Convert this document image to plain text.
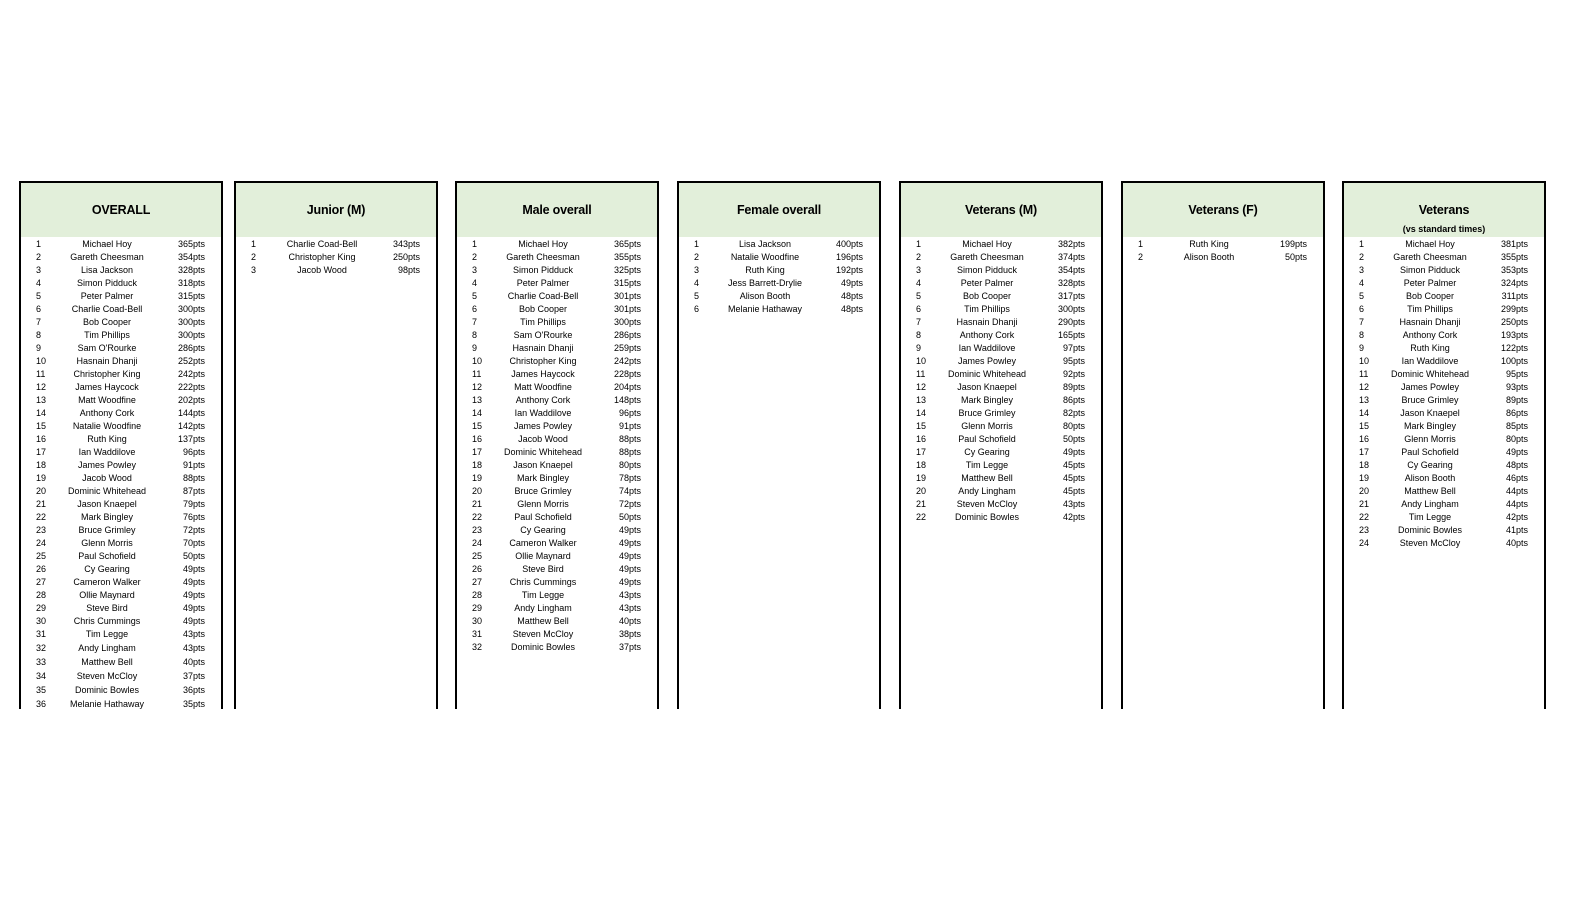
OVERALL
1	Michael Hoy	365pts
2	Gareth Cheesman	354pts
3	Lisa Jackson	328pts
4	Simon Pidduck	318pts
5	Peter Palmer	315pts
6	Charlie Coad-Bell	300pts
7	Bob Cooper	300pts
8	Tim Phillips	300pts
9	Sam O'Rourke	286pts
10	Hasnain Dhanji	252pts
11	Christopher King	242pts
12	James Haycock	222pts
13	Matt Woodfine	202pts
14	Anthony Cork	144pts
15	Natalie Woodfine	142pts
16	Ruth King	137pts
17	Ian Waddilove	96pts
18	James Powley	91pts
19	Jacob Wood	88pts
20	Dominic Whitehead	87pts
21	Jason Knaepel	79pts
22	Mark Bingley	76pts
23	Bruce Grimley	72pts
24	Glenn Morris	70pts
25	Paul Schofield	50pts
26	Cy Gearing	49pts
27	Cameron Walker	49pts
28	Ollie Maynard	49pts
29	Steve Bird	49pts
30	Chris Cummings	49pts
31	Tim Legge	43pts
32	Andy Lingham	43pts
33	Matthew Bell	40pts
34	Steven McCloy	37pts
35	Dominic Bowles	36pts
36	Melanie Hathaway	35pts
Junior (M)
1	Charlie Coad-Bell	343pts
2	Christopher King	250pts
3	Jacob Wood	98pts
Male overall
1	Michael Hoy	365pts
2	Gareth Cheesman	355pts
3	Simon Pidduck	325pts
4	Peter Palmer	315pts
5	Charlie Coad-Bell	301pts
6	Bob Cooper	301pts
7	Tim Phillips	300pts
8	Sam O'Rourke	286pts
9	Hasnain Dhanji	259pts
10	Christopher King	242pts
11	James Haycock	228pts
12	Matt Woodfine	204pts
13	Anthony Cork	148pts
14	Ian Waddilove	96pts
15	James Powley	91pts
16	Jacob Wood	88pts
17	Dominic Whitehead	88pts
18	Jason Knaepel	80pts
19	Mark Bingley	78pts
20	Bruce Grimley	74pts
21	Glenn Morris	72pts
22	Paul Schofield	50pts
23	Cy Gearing	49pts
24	Cameron Walker	49pts
25	Ollie Maynard	49pts
26	Steve Bird	49pts
27	Chris Cummings	49pts
28	Tim Legge	43pts
29	Andy Lingham	43pts
30	Matthew Bell	40pts
31	Steven McCloy	38pts
32	Dominic Bowles	37pts
Female overall
1	Lisa Jackson	400pts
2	Natalie Woodfine	196pts
3	Ruth King	192pts
4	Jess Barrett-Drylie	49pts
5	Alison Booth	48pts
6	Melanie Hathaway	48pts
Veterans (M)
1	Michael Hoy	382pts
2	Gareth Cheesman	374pts
3	Simon Pidduck	354pts
4	Peter Palmer	328pts
5	Bob Cooper	317pts
6	Tim Phillips	300pts
7	Hasnain Dhanji	290pts
8	Anthony Cork	165pts
9	Ian Waddilove	97pts
10	James Powley	95pts
11	Dominic Whitehead	92pts
12	Jason Knaepel	89pts
13	Mark Bingley	86pts
14	Bruce Grimley	82pts
15	Glenn Morris	80pts
16	Paul Schofield	50pts
17	Cy Gearing	49pts
18	Tim Legge	45pts
19	Matthew Bell	45pts
20	Andy Lingham	45pts
21	Steven McCloy	43pts
22	Dominic Bowles	42pts
Veterans (F)
1	Ruth King	199pts
2	Alison Booth	50pts
Veterans
(vs standard times)
1	Michael Hoy	381pts
2	Gareth Cheesman	355pts
3	Simon Pidduck	353pts
4	Peter Palmer	324pts
5	Bob Cooper	311pts
6	Tim Phillips	299pts
7	Hasnain Dhanji	250pts
8	Anthony Cork	193pts
9	Ruth King	122pts
10	Ian Waddilove	100pts
11	Dominic Whitehead	95pts
12	James Powley	93pts
13	Bruce Grimley	89pts
14	Jason Knaepel	86pts
15	Mark Bingley	85pts
16	Glenn Morris	80pts
17	Paul Schofield	49pts
18	Cy Gearing	48pts
19	Alison Booth	46pts
20	Matthew Bell	44pts
21	Andy Lingham	44pts
22	Tim Legge	42pts
23	Dominic Bowles	41pts
24	Steven McCloy	40pts
